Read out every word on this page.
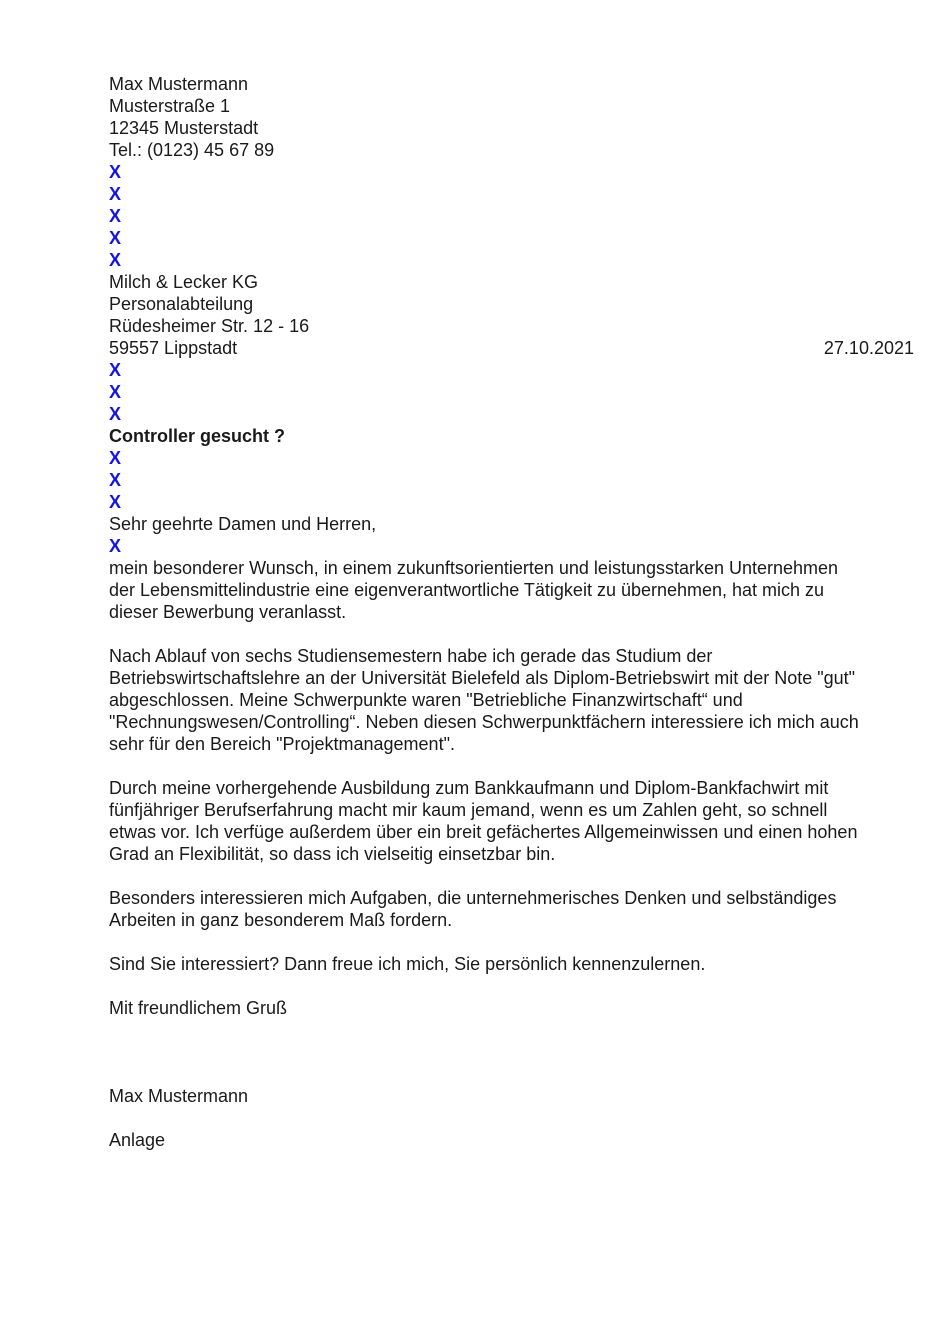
Max Mustermann
Musterstraße 1
12345 Musterstadt
Tel.: (0123) 45 67 89
X
X
X
X
X
Milch & Lecker KG
Personalabteilung
Rüdesheimer Str. 12 - 16
59557 Lippstadt	27.10.2021
X
X
X
Controller gesucht ?
X
X
X
Sehr geehrte Damen und Herren,
X
mein besonderer Wunsch, in einem zukunftsorientierten und leistungsstarken Unternehmen
der Lebensmittelindustrie eine eigenverantwortliche Tätigkeit zu übernehmen, hat mich zu
dieser Bewerbung veranlasst.
Nach Ablauf von sechs Studiensemestern habe ich gerade das Studium der
Betriebswirtschaftslehre an der Universität Bielefeld als Diplom-Betriebswirt mit der Note "gut"
abgeschlossen. Meine Schwerpunkte waren "Betriebliche Finanzwirtschaft“ und
"Rechnungswesen/Controlling“. Neben diesen Schwerpunktfächern interessiere ich mich auch
sehr für den Bereich "Projektmanagement".
Durch meine vorhergehende Ausbildung zum Bankkaufmann und Diplom-Bankfachwirt mit
fünfjähriger Berufserfahrung macht mir kaum jemand, wenn es um Zahlen geht, so schnell
etwas vor. Ich verfüge außerdem über ein breit gefächertes Allgemeinwissen und einen hohen
Grad an Flexibilität, so dass ich vielseitig einsetzbar bin.
Besonders interessieren mich Aufgaben, die unternehmerisches Denken und selbständiges
Arbeiten in ganz besonderem Maß fordern.
Sind Sie interessiert? Dann freue ich mich, Sie persönlich kennenzulernen.
Mit freundlichem Gruß
Max Mustermann
Anlage
